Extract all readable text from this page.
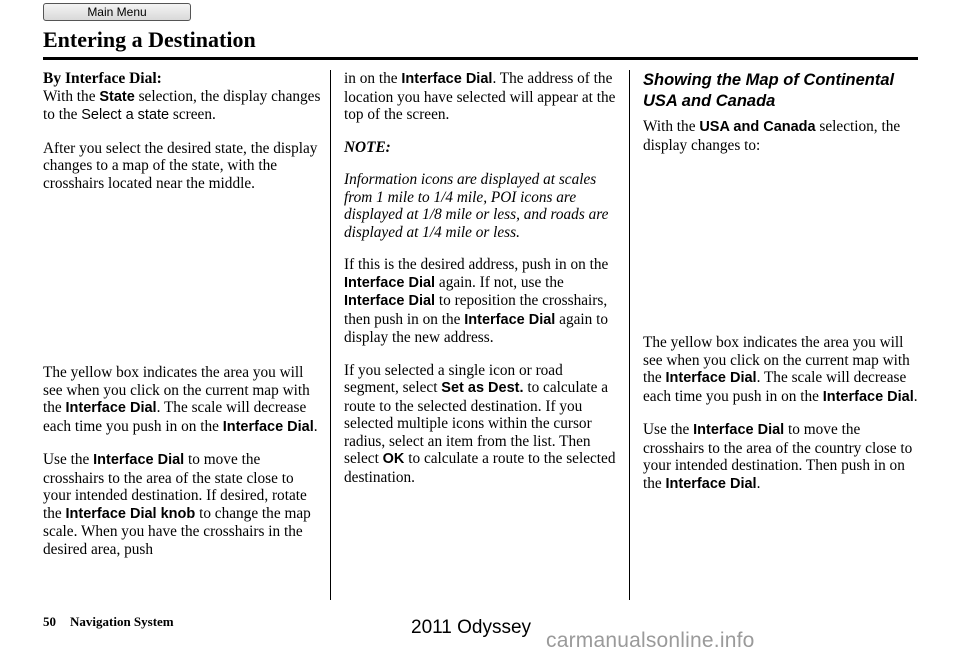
Main Menu
Entering a Destination
By Interface Dial:

With the State selection, the display changes to the Select a state screen.

After you select the desired state, the display changes to a map of the state, with the crosshairs located near the middle.

The yellow box indicates the area you will see when you click on the current map with the Interface Dial. The scale will decrease each time you push in on the Interface Dial.

Use the Interface Dial to move the crosshairs to the area of the state close to your intended destination. If desired, rotate the Interface Dial knob to change the map scale. When you have the crosshairs in the desired area, push

in on the Interface Dial. The address of the location you have selected will appear at the top of the screen.

NOTE:

Information icons are displayed at scales from 1 mile to 1/4 mile, POI icons are displayed at 1/8 mile or less, and roads are displayed at 1/4 mile or less.

If this is the desired address, push in on the Interface Dial again. If not, use the Interface Dial to reposition the crosshairs, then push in on the Interface Dial again to display the new address.

If you selected a single icon or road segment, select Set as Dest. to calculate a route to the selected destination. If you selected multiple icons within the cursor radius, select an item from the list. Then select OK to calculate a route to the selected destination.

Showing the Map of Continental USA and Canada

With the USA and Canada selection, the display changes to:

The yellow box indicates the area you will see when you click on the current map with the Interface Dial. The scale will decrease each time you push in on the Interface Dial.

Use the Interface Dial to move the crosshairs to the area of the country close to your intended destination. Then push in on the Interface Dial.

50 Navigation System	2011 Odyssey
carmanualsonline.info
